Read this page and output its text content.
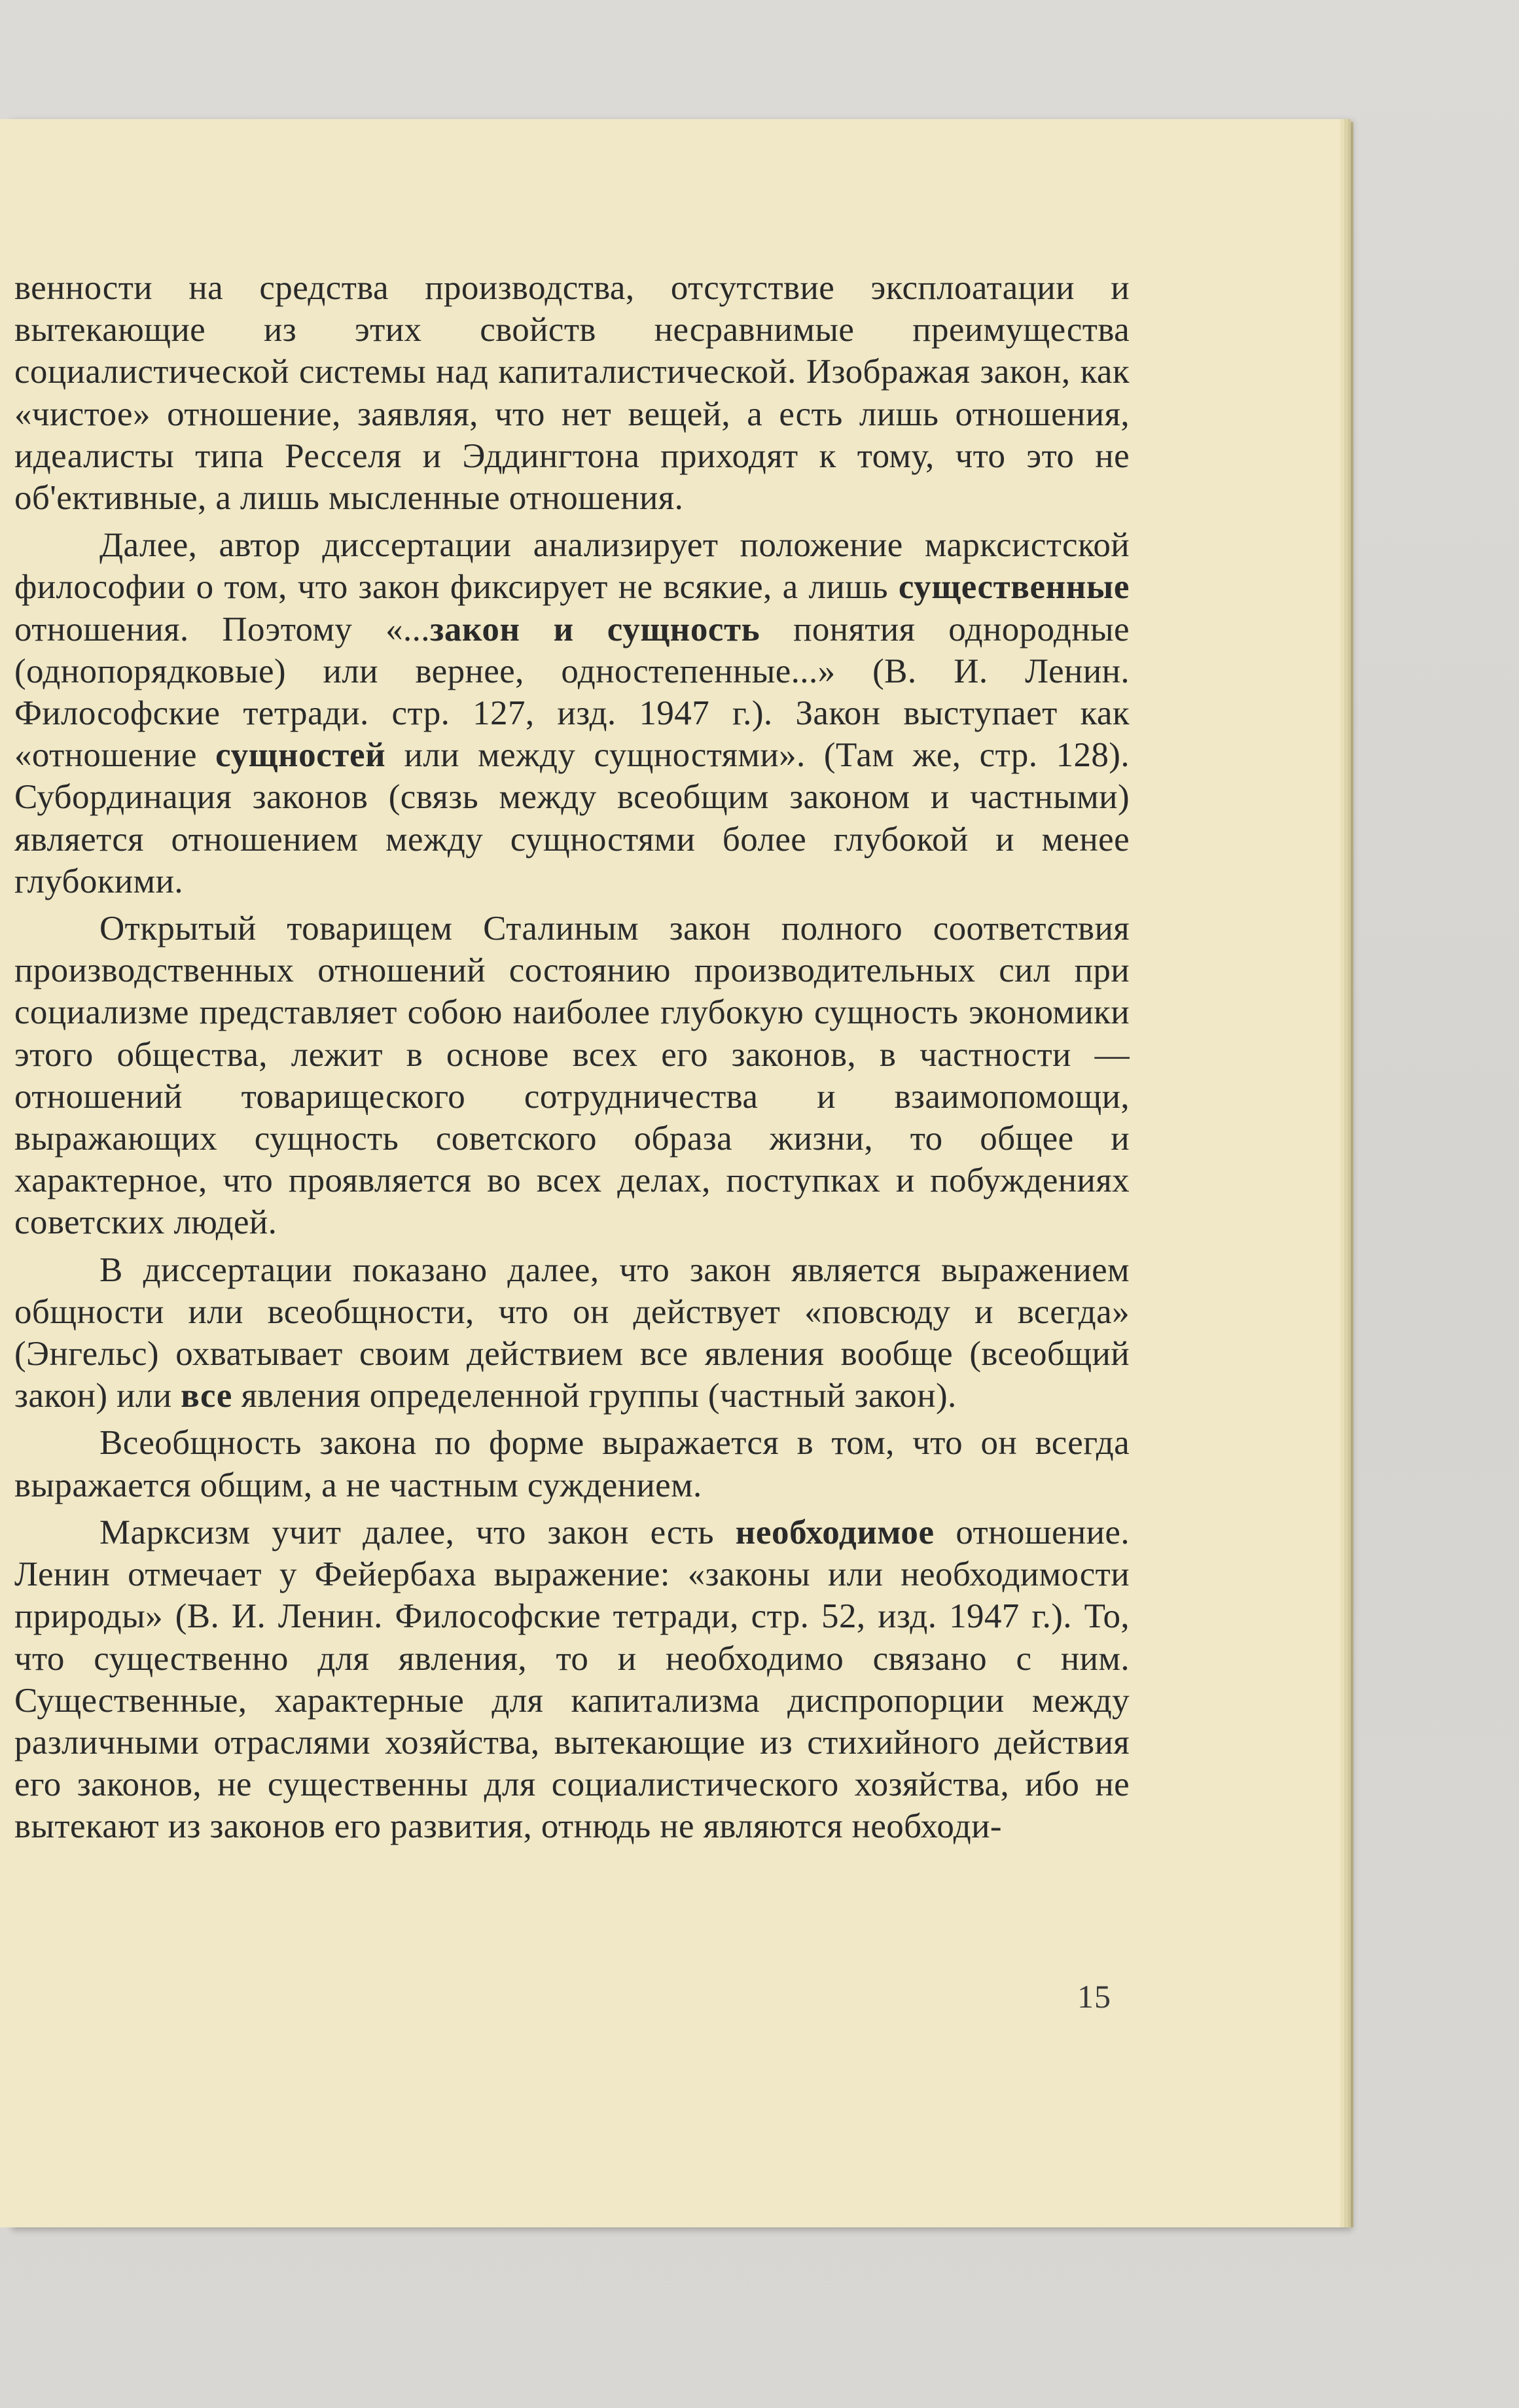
венности на средства производства, отсутствие эксплоатации и вытекающие из этих свойств несравнимые преимущества социалистической системы над капиталистической. Изображая закон, как «чистое» отношение, заявляя, что нет вещей, а есть лишь отношения, идеалисты типа Ресселя и Эддингтона приходят к тому, что это не об'ективные, а лишь мысленные отношения.

Далее, автор диссертации анализирует положение марксистской философии о том, что закон фиксирует не всякие, а лишь существенные отношения. Поэтому «...закон и сущность понятия однородные (однопорядковые) или вернее, одностепенные...» (В. И. Ленин. Философские тетради. стр. 127, изд. 1947 г.). Закон выступает как «отношение сущностей или между сущностями». (Там же, стр. 128). Субординация законов (связь между всеобщим законом и частными) является отношением между сущностями более глубокой и менее глубокими.

Открытый товарищем Сталиным закон полного соответствия производственных отношений состоянию производительных сил при социализме представляет собою наиболее глубокую сущность экономики этого общества, лежит в основе всех его законов, в частности — отношений товарищеского сотрудничества и взаимопомощи, выражающих сущность советского образа жизни, то общее и характерное, что проявляется во всех делах, поступках и побуждениях советских людей.

В диссертации показано далее, что закон является выражением общности или всеобщности, что он действует «повсюду и всегда» (Энгельс) охватывает своим действием все явления вообще (всеобщий закон) или все явления определенной группы (частный закон).

Всеобщность закона по форме выражается в том, что он всегда выражается общим, а не частным суждением.

Марксизм учит далее, что закон есть необходимое отношение. Ленин отмечает у Фейербаха выражение: «законы или необходимости природы» (В. И. Ленин. Философские тетради, стр. 52, изд. 1947 г.). То, что существенно для явления, то и необходимо связано с ним. Существенные, характерные для капитализма диспропорции между различными отраслями хозяйства, вытекающие из стихийного действия его законов, не существенны для социалистического хозяйства, ибо не вытекают из законов его развития, отнюдь не являются необходи-

15
